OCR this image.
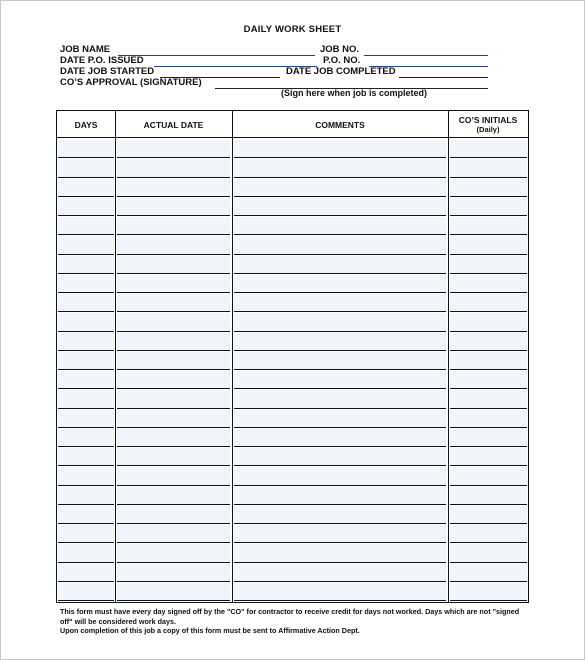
DAILY WORK SHEET
JOB NAME	JOB NO.
DATE P.O. ISSUED	P.O. NO.
DATE JOB STARTED	DATE JOB COMPLETED
CO’S APPROVAL (SIGNATURE)
(Sign here when job is completed)
DAYS	ACTUAL DATE	COMMENTS	CO’S INITIALS
(Daily)

This form must have every day signed off by the "CO" for contractor to receive credit for days not worked. Days which are not "signed off" will be considered work days.

Upon completion of this job a copy of this form must be sent to Affirmative Action Dept.
